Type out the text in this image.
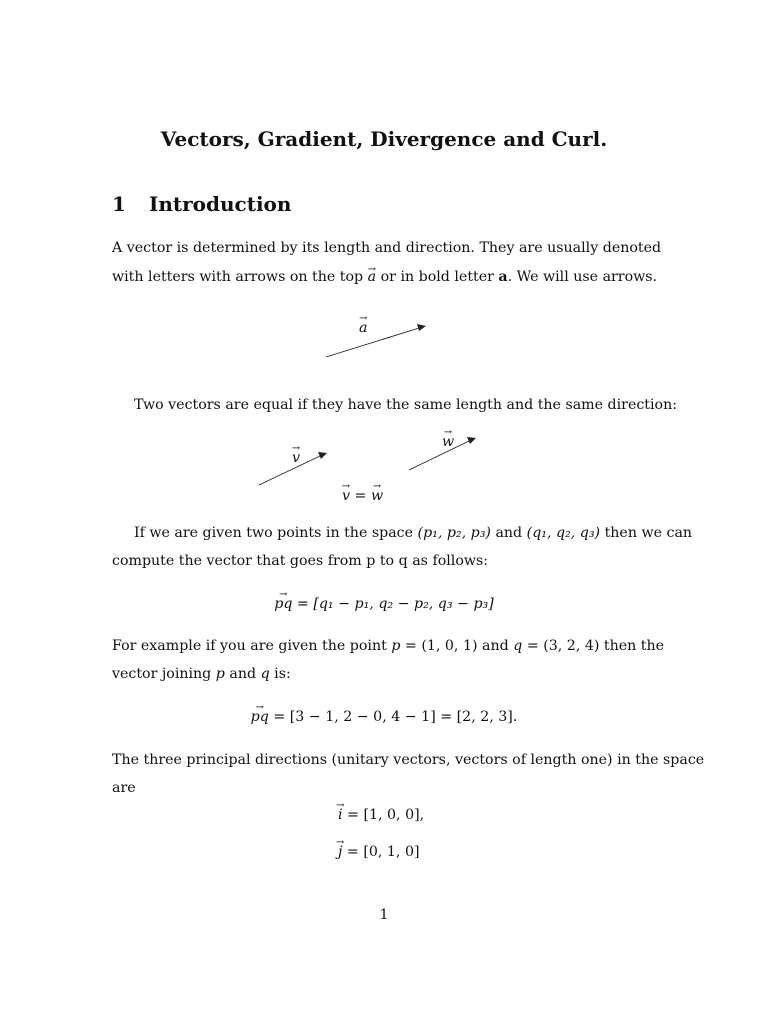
Vectors, Gradient, Divergence and Curl.
1 Introduction
A vector is determined by its length and direction. They are usually denoted
with letters with arrows on the top → a or in bold letter a. We will use arrows.
→ a
Two vectors are equal if they have the same length and the same direction:
→ v
→ w
→ v = → w
If we are given two points in the space (p₁, p₂, p₃) and (q₁, q₂, q₃) then we can
compute the vector that goes from p to q as follows:
→ pq = [q₁ − p₁, q₂ − p₂, q₃ − p₃]
For example if you are given the point p = (1, 0, 1) and q = (3, 2, 4) then the
vector joining p and q is:
→ pq = [3 − 1, 2 − 0, 4 − 1] = [2, 2, 3].
The three principal directions (unitary vectors, vectors of length one) in the space
are
→ i = [1, 0, 0],
→ j = [0, 1, 0]
1
